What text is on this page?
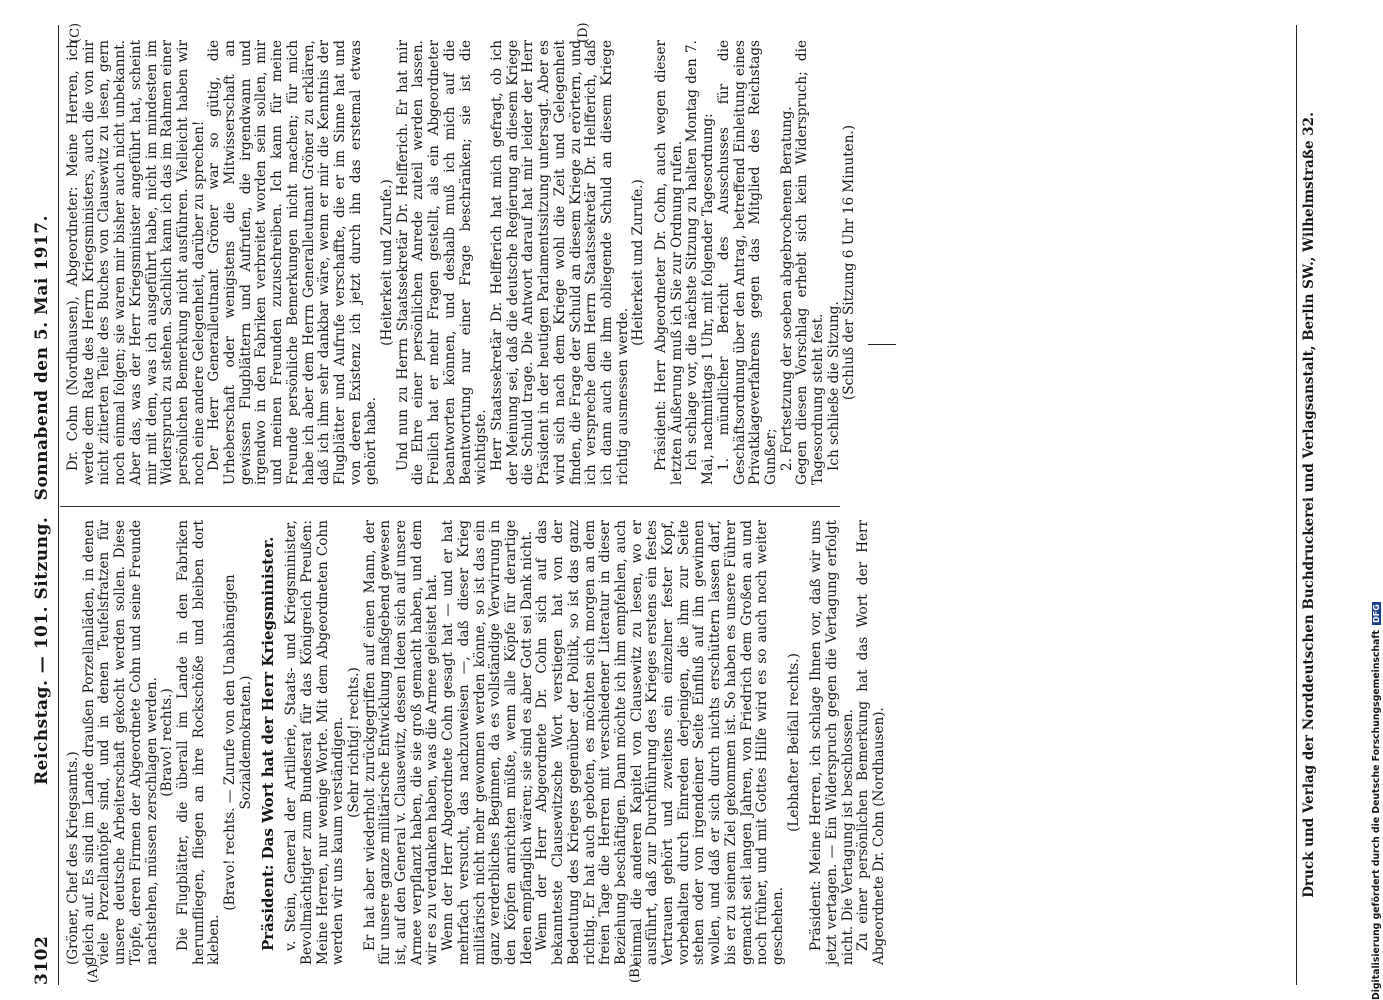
3102
Reichstag. — 101. Sitzung.
Sonnabend den 5. Mai 1917.
(A)	(B)
(C)	(D)

(Gröner, Chef des Kriegsamts.) gleich auf. Es sind im Lande draußen Porzellanläden, in denen viele Porzellantöpfe sind, und in denen Teufelsfratzen für unsere deutsche Arbeiterschaft gekocht werden sollen. Diese Töpfe, deren Firmen der Abgeordnete Cohn und seine Freunde nachstehen, müssen zerschlagen werden. (Bravo! rechts.) Die Flugblätter, die überall im Lande in den Fabriken herumfliegen, fliegen an ihre Rockschöße und bleiben dort kleben.

(Bravo! rechts. — Zurufe von den Unabhängigen Sozialdemokraten.) Präsident: Das Wort hat der Herr Kriegsminister. v. Stein, General der Artillerie, Staats- und Kriegsminister, Bevollmächtigter zum Bundesrat für das Königreich Preußen: Meine Herren, nur wenige Worte. Mit dem Abgeordneten Cohn werden wir uns kaum verständigen. (Sehr richtig! rechts.) Er hat aber wiederholt zurückgegriffen auf einen Mann, der für unsere ganze militärische Entwicklung maßgebend gewesen ist, auf den General v. Clausewitz, dessen Ideen sich auf unsere Armee verpflanzt haben, die sie groß gemacht haben, und dem wir es zu verdanken haben, was die Armee geleistet hat. Wenn der Herr Abgeordnete Cohn gesagt hat — und er hat mehrfach versucht, das nachzuweisen —, daß dieser Krieg militärisch nicht mehr gewonnen werden könne, so ist das ein ganz verderbliches Beginnen, da es vollständige Verwirrung in den Köpfen anrichten müßte, wenn alle Köpfe für derartige Ideen empfänglich wären; sie sind es aber Gott sei Dank nicht. Wenn der Herr Abgeordnete Dr. Cohn sich auf das bekannteste Clausewitzsche Wort verstiegen hat von der Bedeutung des Krieges gegenüber der Politik, so ist das ganz richtig. Er hat auch geboten, es möchten sich morgen an dem freien Tage die Herren mit verschiedener Literatur in dieser Beziehung beschäftigen. Dann möchte ich ihm empfehlen, auch einmal die anderen Kapitel von Clausewitz zu lesen, wo er ausführt, daß zur Durchführung des Krieges erstens ein festes Vertrauen gehört und zweitens ein einzelner fester Kopf, vorbehalten durch Einreden derjenigen, die ihm zur Seite stehen oder von irgendeiner Seite Einfluß auf ihn gewinnen wollen, und daß er sich durch nichts erschüttern lassen darf, bis er zu seinem Ziel gekommen ist. So haben es unsere Führer gemacht seit langen Jahren, von Friedrich dem Großen an und noch früher, und mit Gottes Hilfe wird es so auch noch weiter geschehen.

(Lebhafter Beifall rechts.) Präsident: Meine Herren, ich schlage Ihnen vor, daß wir uns jetzt vertagen. — Ein Widerspruch gegen die Vertagung erfolgt nicht. Die Vertagung ist beschlossen. Zu einer persönlichen Bemerkung hat das Wort der Herr Abgeordnete Dr. Cohn (Nordhausen).

Dr. Cohn (Nordhausen), Abgeordneter: Meine Herren, ich werde dem Rate des Herrn Kriegsministers, auch die von mir nicht zitierten Teile des Buches von Clausewitz zu lesen, gern noch einmal folgen; sie waren mir bisher auch nicht unbekannt. Aber das, was der Herr Kriegsminister angeführt hat, scheint mir mit dem, was ich ausgeführt habe, nicht im mindesten im Widerspruch zu stehen. Sachlich kann ich das im Rahmen einer persönlichen Bemerkung nicht ausführen. Vielleicht haben wir noch eine andere Gelegenheit, darüber zu sprechen! Der Herr Generalleutnant Gröner war so gütig, die Urheberschaft oder wenigstens die Mitwisserschaft an gewissen Flugblättern und Aufrufen, die irgendwann und irgendwo in den Fabriken verbreitet worden sein sollen, mir und meinen Freunden zuzuschreiben. Ich kann für meine Freunde persönliche Bemerkungen nicht machen; für mich habe ich aber dem Herrn Generalleutnant Gröner zu erklären, daß ich ihm sehr dankbar wäre, wenn er mir die Kenntnis der Flugblätter und Aufrufe verschaffte, die er im Sinne hat und von deren Existenz ich jetzt durch ihn das erstemal etwas gehört habe.

(Heiterkeit und Zurufe.) Und nun zu Herrn Staatssekretär Dr. Helfferich. Er hat mir die Ehre einer persönlichen Anrede zuteil werden lassen. Freilich hat er mehr Fragen gestellt, als ein Abgeordneter beantworten können, und deshalb muß ich mich auf die Beantwortung nur einer Frage beschränken; sie ist die wichtigste. Herr Staatssekretär Dr. Helfferich hat mich gefragt, ob ich der Meinung sei, daß die deutsche Regierung an diesem Kriege die Schuld trage. Die Antwort darauf hat mir leider der Herr Präsident in der heutigen Parlamentssitzung untersagt. Aber es wird sich nach dem Kriege wohl die Zeit und Gelegenheit finden, die Frage der Schuld an diesem Kriege zu erörtern, und ich verspreche dem Herrn Staatssekretär Dr. Helfferich, daß ich dann auch die ihm obliegende Schuld an diesem Kriege richtig ausmessen werde.

(Heiterkeit und Zurufe.) Präsident: Herr Abgeordneter Dr. Cohn, auch wegen dieser letzten Äußerung muß ich Sie zur Ordnung rufen. Ich schlage vor, die nächste Sitzung zu halten Montag den 7. Mai, nachmittags 1 Uhr, mit folgender Tagesordnung: 1. mündlicher Bericht des Ausschusses für die Geschäftsordnung über den Antrag, betreffend Einleitung eines Privatklageverfahrens gegen das Mitglied des Reichstags Gunßer; 2. Fortsetzung der soeben abgebrochenen Beratung. Gegen diesen Vorschlag erhebt sich kein Widerspruch; die Tagesordnung steht fest. Ich schließe die Sitzung. (Schluß der Sitzung 6 Uhr 16 Minuten.)	Druck und Verlag der Norddeutschen Buchdruckerei und Verlagsanstalt, Berlin SW., Wilhelmstraße 32.	Digitalisierung gefördert durch die Deutsche Forschungsgemeinschaft DFG
